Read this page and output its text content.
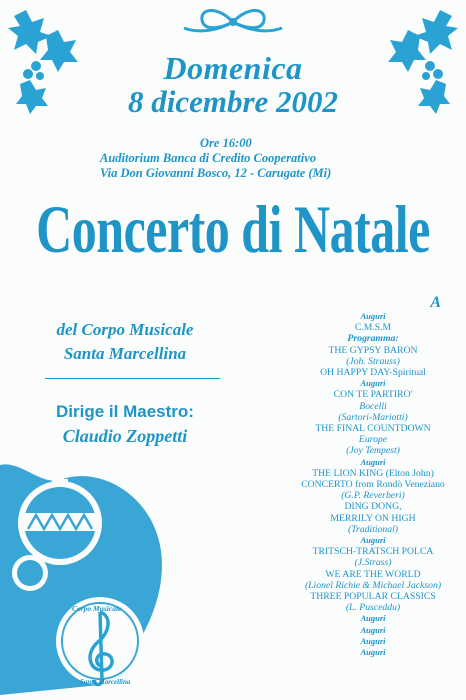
Domenica
8 dicembre 2002
Ore 16:00
Auditorium Banca di Credito Cooperativo
Via Don Giovanni Bosco, 12 - Carugate (Mi)
Concerto di Natale
del Corpo Musicale
Santa Marcellina
Dirige il Maestro:
Claudio Zoppetti
Corpo Musicale
Santa Marcellina
A
Auguri
C.M.S.M
Programma:
THE GYPSY BARON
(Joh. Strauss)
OH HAPPY DAY-Spiritual
Auguri
CON TE PARTIRO'
Bocelli
(Sartori-Mariotti)
THE FINAL COUNTDOWN
Europe
(Joy Tempest)
Auguri
THE LION KING (Elton John)
CONCERTO from Rondò Veneziano
(G.P. Reverberi)
DING DONG,
MERRILY ON HIGH
(Traditional)
Auguri
TRITSCH-TRATSCH POLCA
(J.Strass)
WE ARE THE WORLD
(Lionel Richie & Michael Jackson)
THREE POPULAR CLASSICS
(L. Pusceddu)
Auguri
Auguri
Auguri
Auguri
